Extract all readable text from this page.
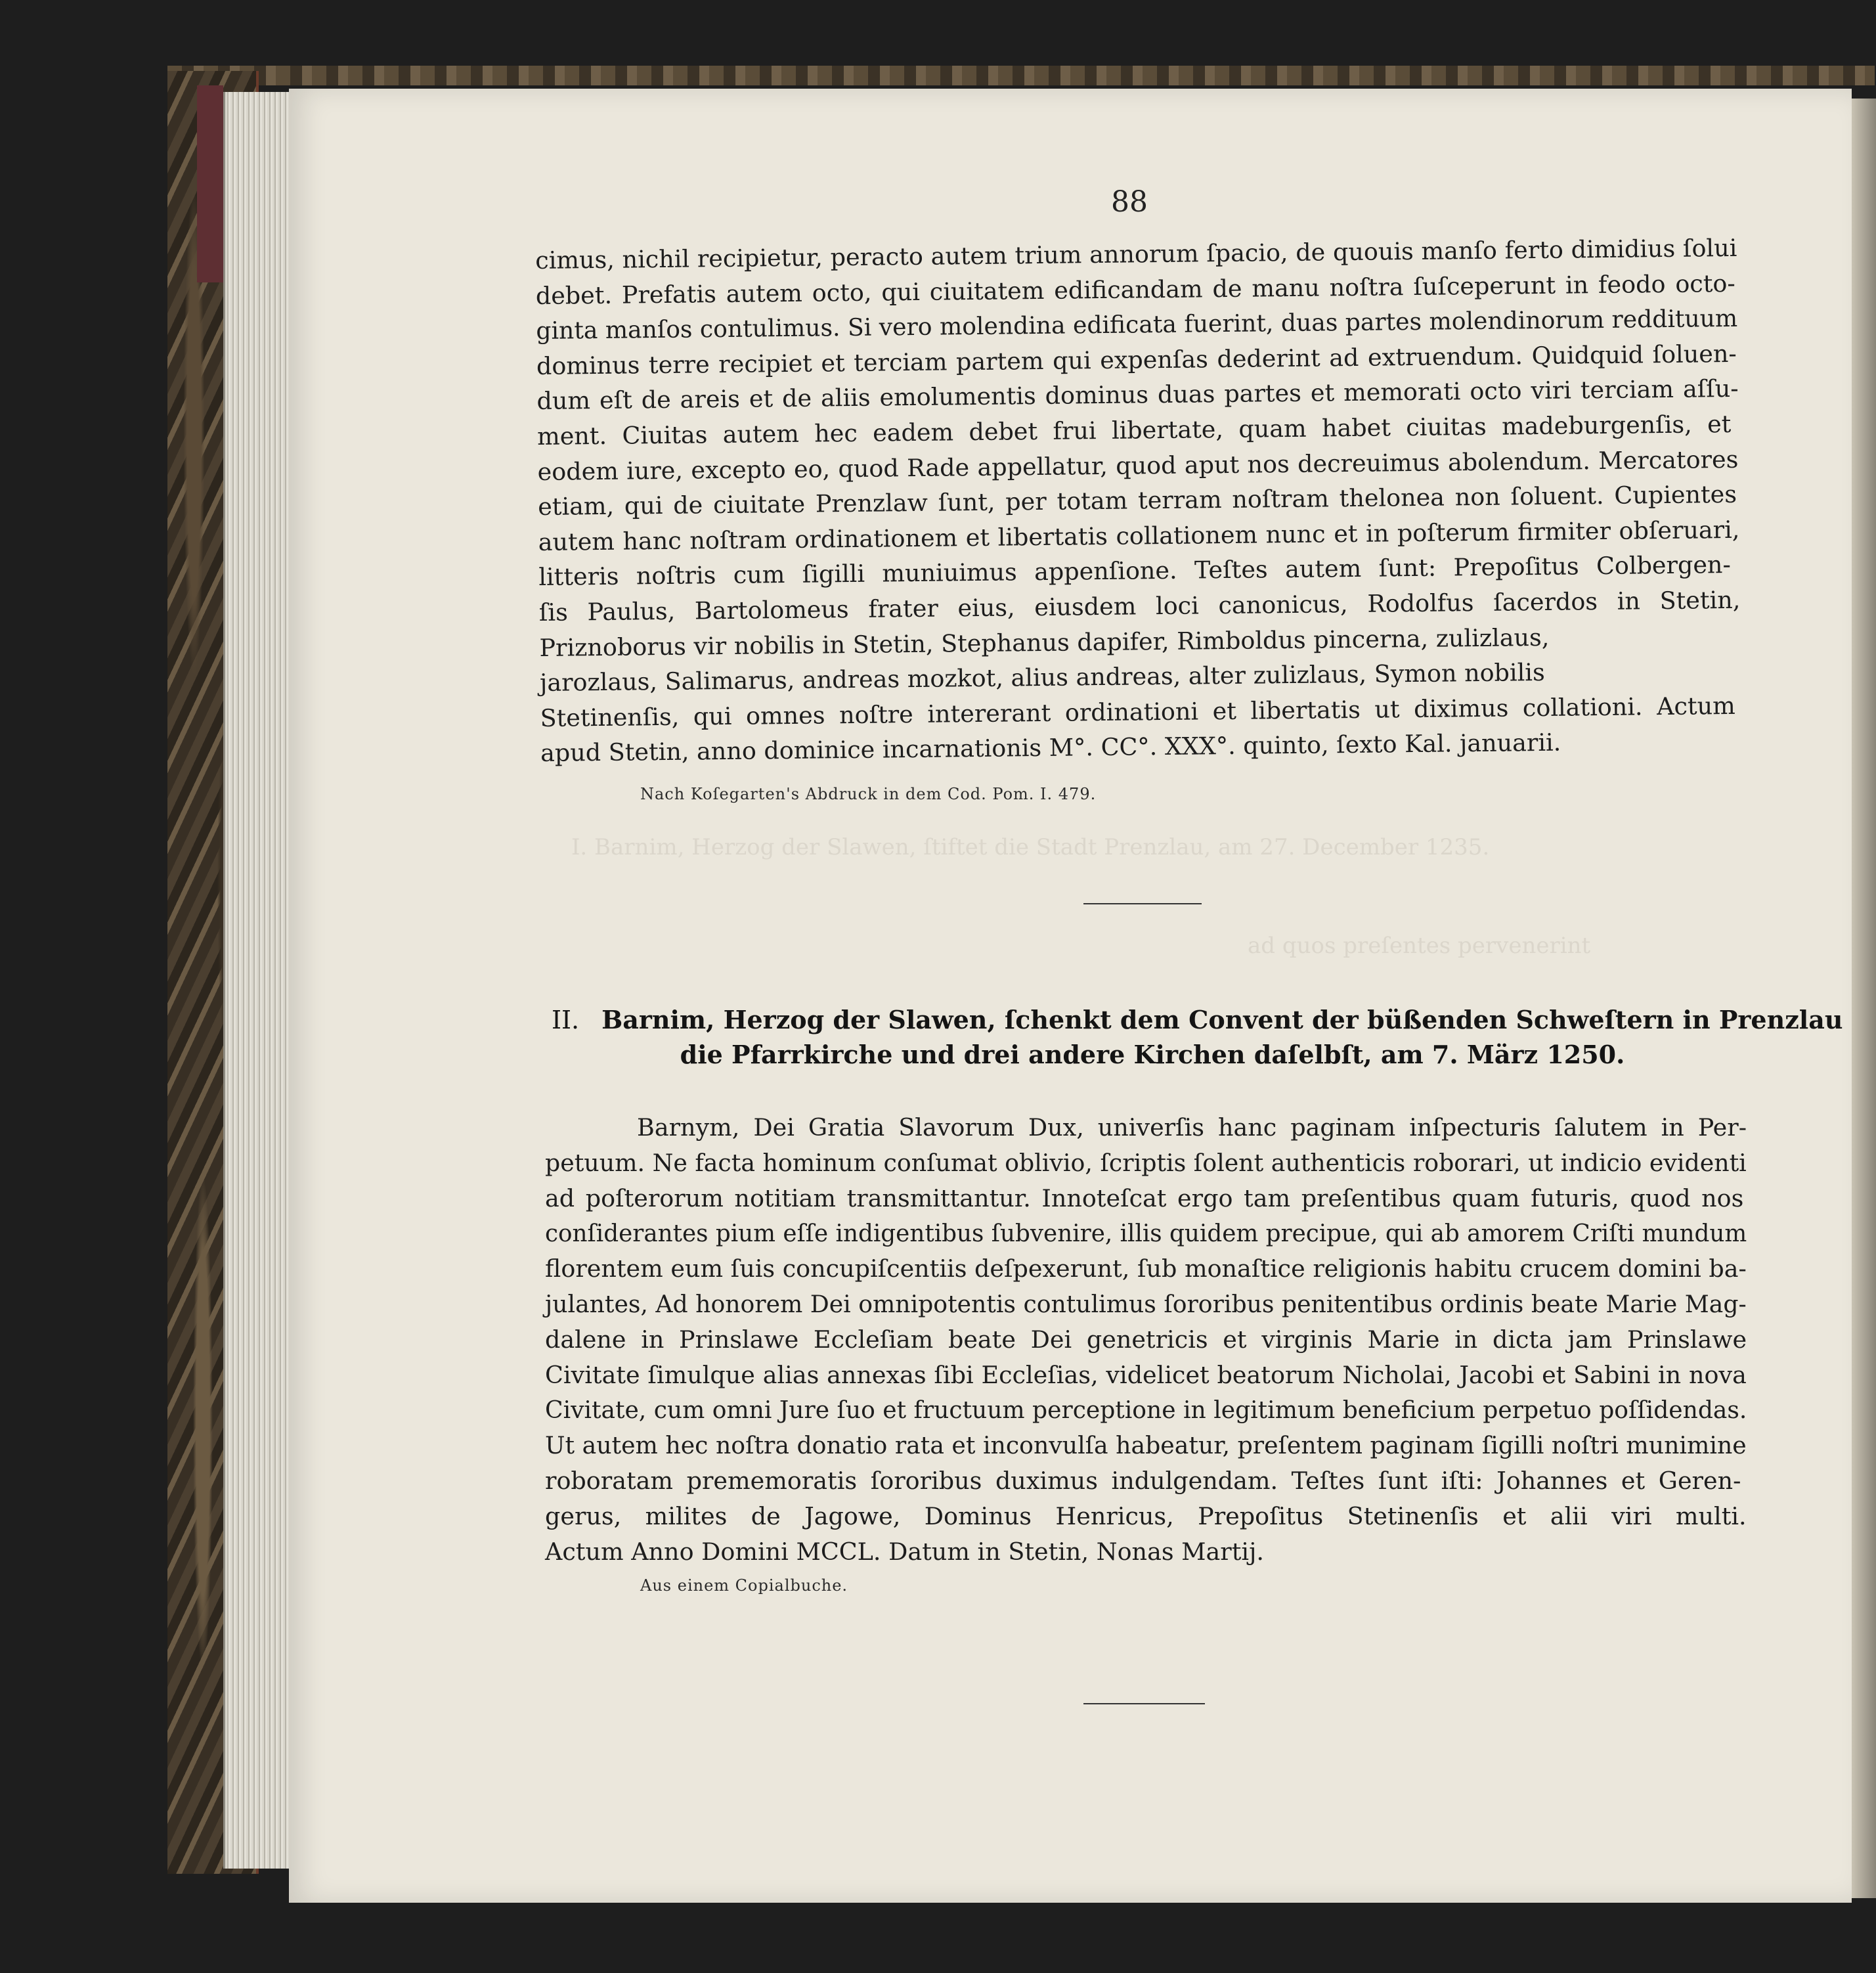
I. Barnim, Herzog der Slawen, ſtiftet die Stadt Prenzlau, am 27. December 1235.
ad quos preſentes pervenerint
88
cimus, nichil recipietur, peracto autem trium annorum ſpacio, de quouis manſo ferto dimidius ſolui
debet. Prefatis autem octo, qui ciuitatem edificandam de manu noſtra ſuſceperunt in feodo octo-
ginta manſos contulimus. Si vero molendina edificata fuerint, duas partes molendinorum reddituum
dominus terre recipiet et terciam partem qui expenſas dederint ad extruendum. Quidquid ſoluen-
dum eſt de areis et de aliis emolumentis dominus duas partes et memorati octo viri terciam aſſu-
ment. Ciuitas autem hec eadem debet frui libertate, quam habet ciuitas madeburgenſis, et
eodem iure, excepto eo, quod Rade appellatur, quod aput nos decreuimus abolendum. Mercatores
etiam, qui de ciuitate Prenzlaw ſunt, per totam terram noſtram thelonea non ſoluent. Cupientes
autem hanc noſtram ordinationem et libertatis collationem nunc et in poſterum firmiter obſeruari,
litteris noſtris cum ſigilli muniuimus appenſione. Teſtes autem ſunt: Prepoſitus Colbergen-
ſis Paulus, Bartolomeus frater eius, eiusdem loci canonicus, Rodolfus ſacerdos in Stetin,
Priznoborus vir nobilis in Stetin, Stephanus dapifer, Rimboldus pincerna, zulizlaus,
jarozlaus, Salimarus, andreas mozkot, alius andreas, alter zulizlaus, Symon nobilis
Stetinenſis, qui omnes noſtre intererant ordinationi et libertatis ut diximus collationi. Actum
apud Stetin, anno dominice incarnationis M°. CC°. XXX°. quinto, ſexto Kal. januarii.
Nach Koſegarten's Abdruck in dem Cod. Pom. I. 479.
II. Barnim, Herzog der Slawen, ſchenkt dem Convent der büßenden Schweſtern in Prenzlau
die Pfarrkirche und drei andere Kirchen daſelbſt, am 7. März 1250.
Barnym, Dei Gratia Slavorum Dux, univerſis hanc paginam inſpecturis ſalutem in Per-
petuum. Ne facta hominum conſumat oblivio, ſcriptis ſolent authenticis roborari, ut indicio evidenti
ad poſterorum notitiam transmittantur. Innoteſcat ergo tam preſentibus quam futuris, quod nos
conſiderantes pium eſſe indigentibus ſubvenire, illis quidem precipue, qui ab amorem Criſti mundum
florentem eum ſuis concupiſcentiis deſpexerunt, ſub monaſtice religionis habitu crucem domini ba-
julantes, Ad honorem Dei omnipotentis contulimus ſororibus penitentibus ordinis beate Marie Mag-
dalene in Prinslawe Eccleſiam beate Dei genetricis et virginis Marie in dicta jam Prinslawe
Civitate ſimulque alias annexas ſibi Eccleſias, videlicet beatorum Nicholai, Jacobi et Sabini in nova
Civitate, cum omni Jure ſuo et fructuum perceptione in legitimum beneficium perpetuo poſſidendas.
Ut autem hec noſtra donatio rata et inconvulſa habeatur, preſentem paginam ſigilli noſtri munimine
roboratam prememoratis ſororibus duximus indulgendam. Teſtes ſunt iſti: Johannes et Geren-
gerus, milites de Jagowe, Dominus Henricus, Prepoſitus Stetinenſis et alii viri multi.
Actum Anno Domini MCCL. Datum in Stetin, Nonas Martij.
Aus einem Copialbuche.
